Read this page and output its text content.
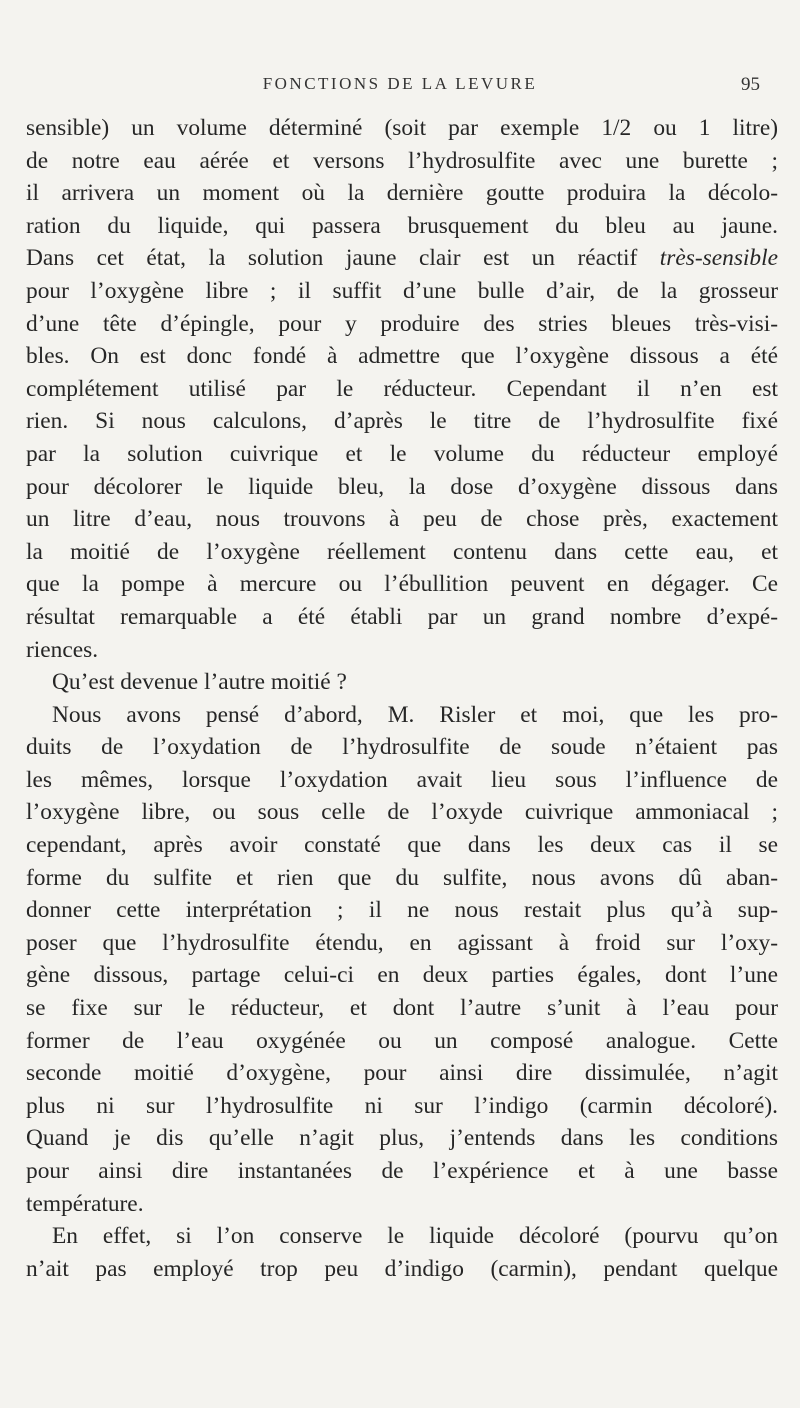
FONCTIONS DE LA LEVURE	95
sensible) un volume déterminé (soit par exemple 1/2 ou 1 litre)
de notre eau aérée et versons l’hydrosulfite avec une burette ;
il arrivera un moment où la dernière goutte produira la décolo-
ration du liquide, qui passera brusquement du bleu au jaune.
Dans cet état, la solution jaune clair est un réactif très-sensible
pour l’oxygène libre ; il suffit d’une bulle d’air, de la grosseur
d’une tête d’épingle, pour y produire des stries bleues très-visi-
bles. On est donc fondé à admettre que l’oxygène dissous a été
complétement utilisé par le réducteur. Cependant il n’en est
rien. Si nous calculons, d’après le titre de l’hydrosulfite fixé
par la solution cuivrique et le volume du réducteur employé
pour décolorer le liquide bleu, la dose d’oxygène dissous dans
un litre d’eau, nous trouvons à peu de chose près, exactement
la moitié de l’oxygène réellement contenu dans cette eau, et
que la pompe à mercure ou l’ébullition peuvent en dégager. Ce
résultat remarquable a été établi par un grand nombre d’expé-
riences.
Qu’est devenue l’autre moitié ?
Nous avons pensé d’abord, M. Risler et moi, que les pro-
duits de l’oxydation de l’hydrosulfite de soude n’étaient pas
les mêmes, lorsque l’oxydation avait lieu sous l’influence de
l’oxygène libre, ou sous celle de l’oxyde cuivrique ammoniacal ;
cependant, après avoir constaté que dans les deux cas il se
forme du sulfite et rien que du sulfite, nous avons dû aban-
donner cette interprétation ; il ne nous restait plus qu’à sup-
poser que l’hydrosulfite étendu, en agissant à froid sur l’oxy-
gène dissous, partage celui-ci en deux parties égales, dont l’une
se fixe sur le réducteur, et dont l’autre s’unit à l’eau pour
former de l’eau oxygénée ou un composé analogue. Cette
seconde moitié d’oxygène, pour ainsi dire dissimulée, n’agit
plus ni sur l’hydrosulfite ni sur l’indigo (carmin décoloré).
Quand je dis qu’elle n’agit plus, j’entends dans les conditions
pour ainsi dire instantanées de l’expérience et à une basse
température.
En effet, si l’on conserve le liquide décoloré (pourvu qu’on
n’ait pas employé trop peu d’indigo (carmin), pendant quelque
